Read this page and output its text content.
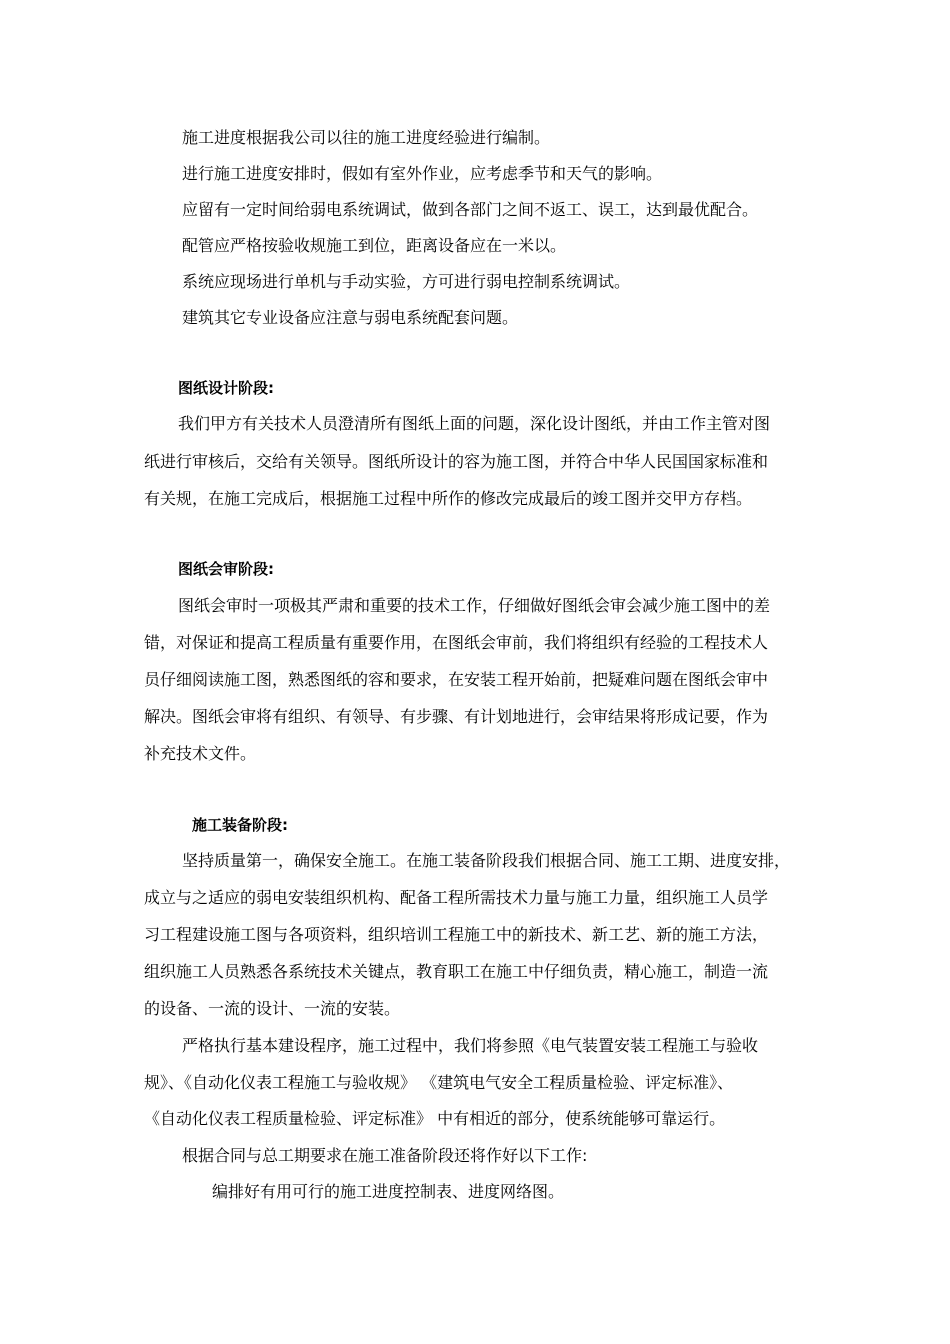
施工进度根据我公司以往的施工进度经验进行编制。

进行施工进度安排时，假如有室外作业，应考虑季节和天气的影响。

应留有一定时间给弱电系统调试，做到各部门之间不返工、误工，达到最优配合。

配管应严格按验收规施工到位，距离设备应在一米以。

系统应现场进行单机与手动实验，方可进行弱电控制系统调试。

建筑其它专业设备应注意与弱电系统配套问题。

图纸设计阶段:

我们甲方有关技术人员澄清所有图纸上面的问题，深化设计图纸，并由工作主管对图

纸进行审核后，交给有关领导。图纸所设计的容为施工图，并符合中华人民国国家标准和

有关规，在施工完成后，根据施工过程中所作的修改完成最后的竣工图并交甲方存档。

图纸会审阶段:

图纸会审时一项极其严肃和重要的技术工作，仔细做好图纸会审会减少施工图中的差

错，对保证和提高工程质量有重要作用，在图纸会审前，我们将组织有经验的工程技术人

员仔细阅读施工图，熟悉图纸的容和要求，在安装工程开始前，把疑难问题在图纸会审中

解决。图纸会审将有组织、有领导、有步骤、有计划地进行，会审结果将形成记要，作为

补充技术文件。

施工装备阶段:

坚持质量第一，确保安全施工。在施工装备阶段我们根据合同、施工工期、进度安排，

成立与之适应的弱电安装组织机构、配备工程所需技术力量与施工力量，组织施工人员学

习工程建设施工图与各项资料，组织培训工程施工中的新技术、新工艺、新的施工方法，

组织施工人员熟悉各系统技术关键点，教育职工在施工中仔细负责，精心施工，制造一流

的设备、一流的设计、一流的安装。

严格执行基本建设程序，施工过程中，我们将参照《电气装置安装工程施工与验收

规》、《自动化仪表工程施工与验收规》 《建筑电气安全工程质量检验、评定标准》、

《自动化仪表工程质量检验、评定标准》 中有相近的部分，使系统能够可靠运行。

根据合同与总工期要求在施工准备阶段还将作好以下工作:

编排好有用可行的施工进度控制表、进度网络图。
